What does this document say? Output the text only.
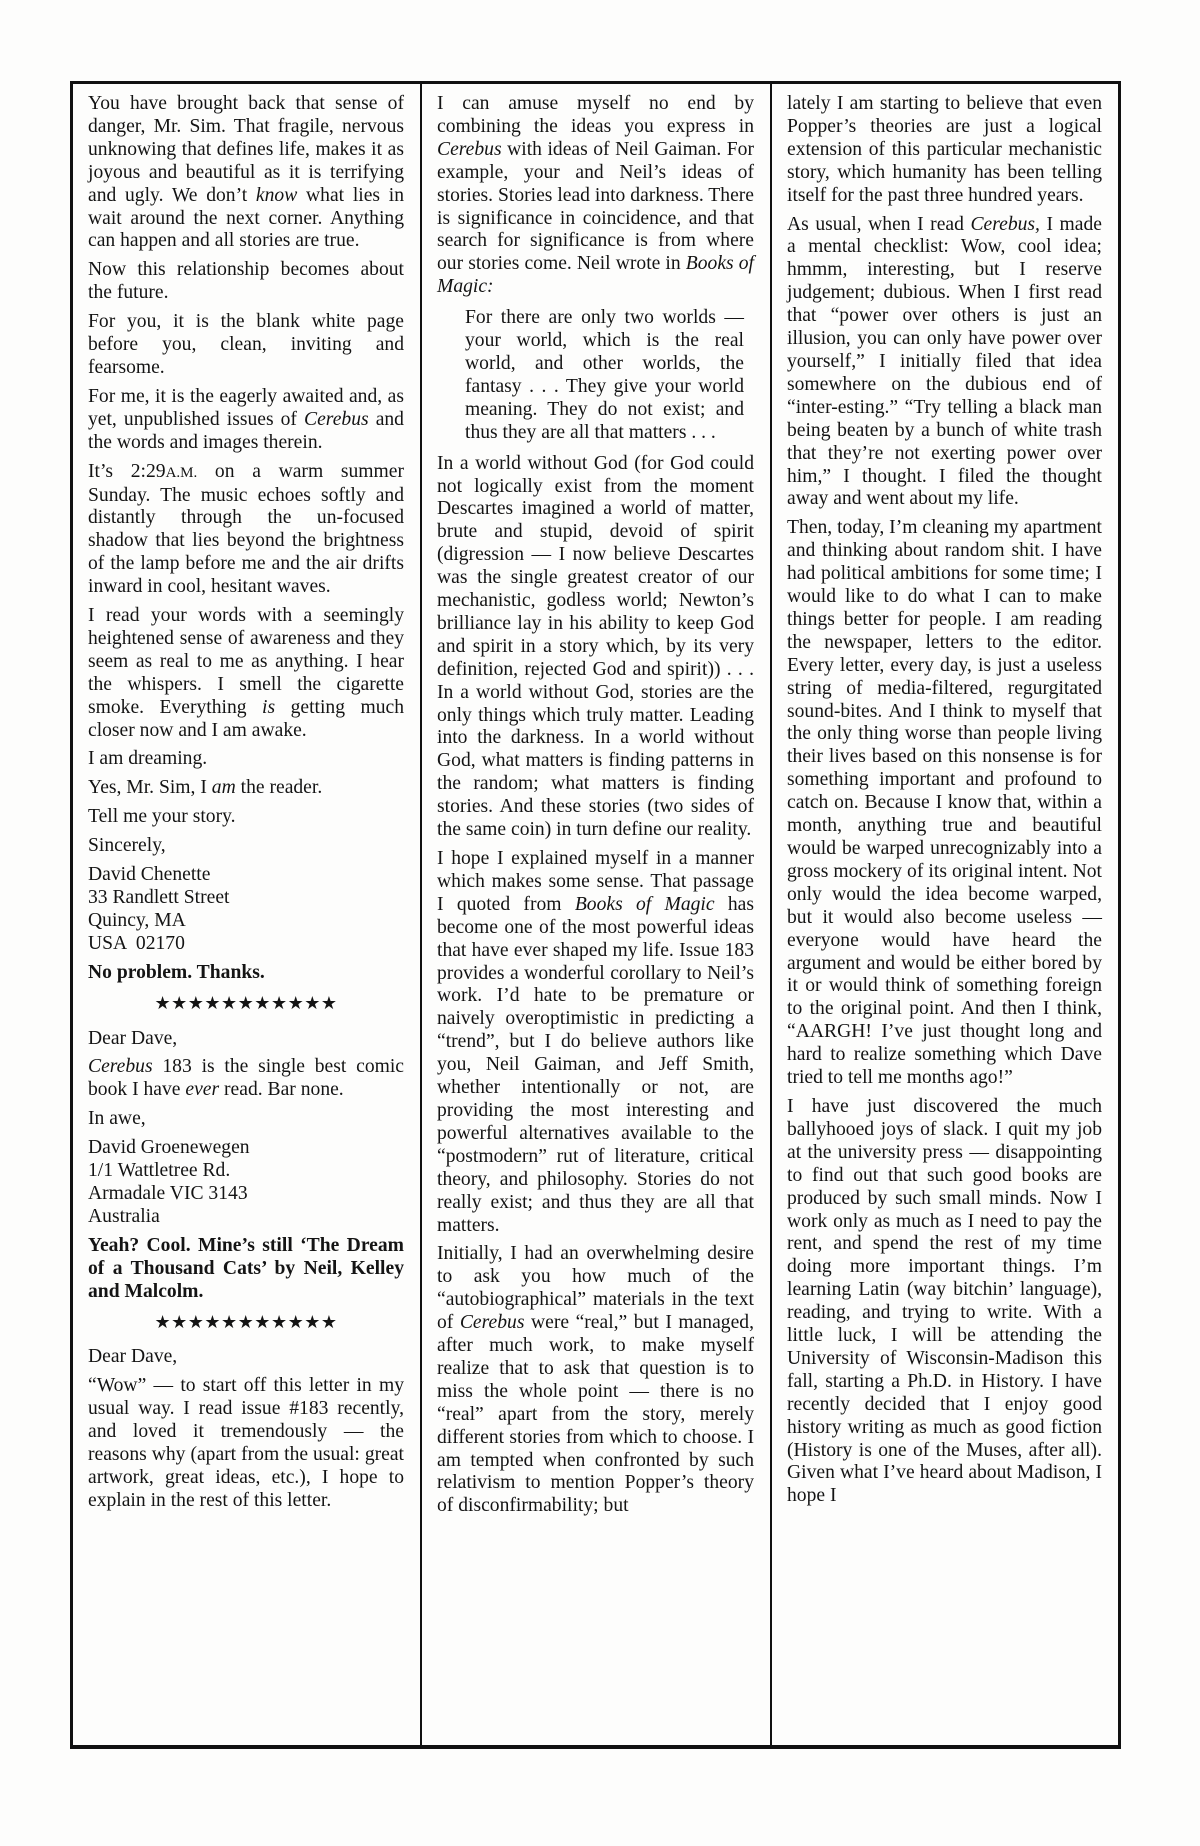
You have brought back that sense of danger, Mr. Sim. That fragile, nervous unknowing that defines life, makes it as joyous and beautiful as it is terrifying and ugly. We don’t know what lies in wait around the next corner. Anything can happen and all stories are true.

Now this relationship becomes about the future.

For you, it is the blank white page before you, clean, inviting and fearsome.

For me, it is the eagerly awaited and, as yet, unpublished issues of Cerebus and the words and images therein.

It’s 2:29A.M. on a warm summer Sunday. The music echoes softly and distantly through the un-focused shadow that lies beyond the brightness of the lamp before me and the air drifts inward in cool, hesitant waves.

I read your words with a seemingly heightened sense of awareness and they seem as real to me as anything. I hear the whispers. I smell the cigarette smoke. Everything is getting much closer now and I am awake.

I am dreaming.

Yes, Mr. Sim, I am the reader.

Tell me your story.

Sincerely,

David Chenette
33 Randlett Street
Quincy, MA
USA  02170

No problem. Thanks.

★★★★★★★★★★★

Dear Dave,

Cerebus 183 is the single best comic book I have ever read. Bar none.

In awe,

David Groenewegen
1/1 Wattletree Rd.
Armadale VIC 3143
Australia

Yeah? Cool. Mine’s still ‘The Dream of a Thousand Cats’ by Neil, Kelley and Malcolm.

★★★★★★★★★★★

Dear Dave,

“Wow” — to start off this letter in my usual way. I read issue #183 recently, and loved it tremendously — the reasons why (apart from the usual: great artwork, great ideas, etc.), I hope to explain in the rest of this letter.

I can amuse myself no end by combining the ideas you express in Cerebus with ideas of Neil Gaiman. For example, your and Neil’s ideas of stories. Stories lead into darkness. There is significance in coincidence, and that search for significance is from where our stories come. Neil wrote in Books of Magic:

For there are only two worlds — your world, which is the real world, and other worlds, the fantasy . . . They give your world meaning. They do not exist; and thus they are all that matters . . .

In a world without God (for God could not logically exist from the moment Descartes imagined a world of matter, brute and stupid, devoid of spirit (digression — I now believe Descartes was the single greatest creator of our mechanistic, godless world; Newton’s brilliance lay in his ability to keep God and spirit in a story which, by its very definition, rejected God and spirit)) . . . In a world without God, stories are the only things which truly matter. Leading into the darkness. In a world without God, what matters is finding patterns in the random; what matters is finding stories. And these stories (two sides of the same coin) in turn define our reality.

I hope I explained myself in a manner which makes some sense. That passage I quoted from Books of Magic has become one of the most powerful ideas that have ever shaped my life. Issue 183 provides a wonderful corollary to Neil’s work. I’d hate to be premature or naively overoptimistic in predicting a “trend”, but I do believe authors like you, Neil Gaiman, and Jeff Smith, whether intentionally or not, are providing the most interesting and powerful alternatives available to the “postmodern” rut of literature, critical theory, and philosophy. Stories do not really exist; and thus they are all that matters.

Initially, I had an overwhelming desire to ask you how much of the “autobiographical” materials in the text of Cerebus were “real,” but I managed, after much work, to make myself realize that to ask that question is to miss the whole point — there is no “real” apart from the story, merely different stories from which to choose. I am tempted when confronted by such relativism to mention Popper’s theory of disconfirmability; but

lately I am starting to believe that even Popper’s theories are just a logical extension of this particular mechanistic story, which humanity has been telling itself for the past three hundred years.

As usual, when I read Cerebus, I made a mental checklist: Wow, cool idea; hmmm, interesting, but I reserve judgement; dubious. When I first read that “power over others is just an illusion, you can only have power over yourself,” I initially filed that idea somewhere on the dubious end of “inter-esting.” “Try telling a black man being beaten by a bunch of white trash that they’re not exerting power over him,” I thought. I filed the thought away and went about my life.

Then, today, I’m cleaning my apartment and thinking about random shit. I have had political ambitions for some time; I would like to do what I can to make things better for people. I am reading the newspaper, letters to the editor. Every letter, every day, is just a useless string of media-filtered, regurgitated sound-bites. And I think to myself that the only thing worse than people living their lives based on this nonsense is for something important and profound to catch on. Because I know that, within a month, anything true and beautiful would be warped unrecognizably into a gross mockery of its original intent. Not only would the idea become warped, but it would also become useless — everyone would have heard the argument and would be either bored by it or would think of something foreign to the original point. And then I think, “AARGH! I’ve just thought long and hard to realize something which Dave tried to tell me months ago!”

I have just discovered the much ballyhooed joys of slack. I quit my job at the university press — disappointing to find out that such good books are produced by such small minds. Now I work only as much as I need to pay the rent, and spend the rest of my time doing more important things. I’m learning Latin (way bitchin’ language), reading, and trying to write. With a little luck, I will be attending the University of Wisconsin-Madison this fall, starting a Ph.D. in History. I have recently decided that I enjoy good history writing as much as good fiction (History is one of the Muses, after all). Given what I’ve heard about Madison, I hope I
